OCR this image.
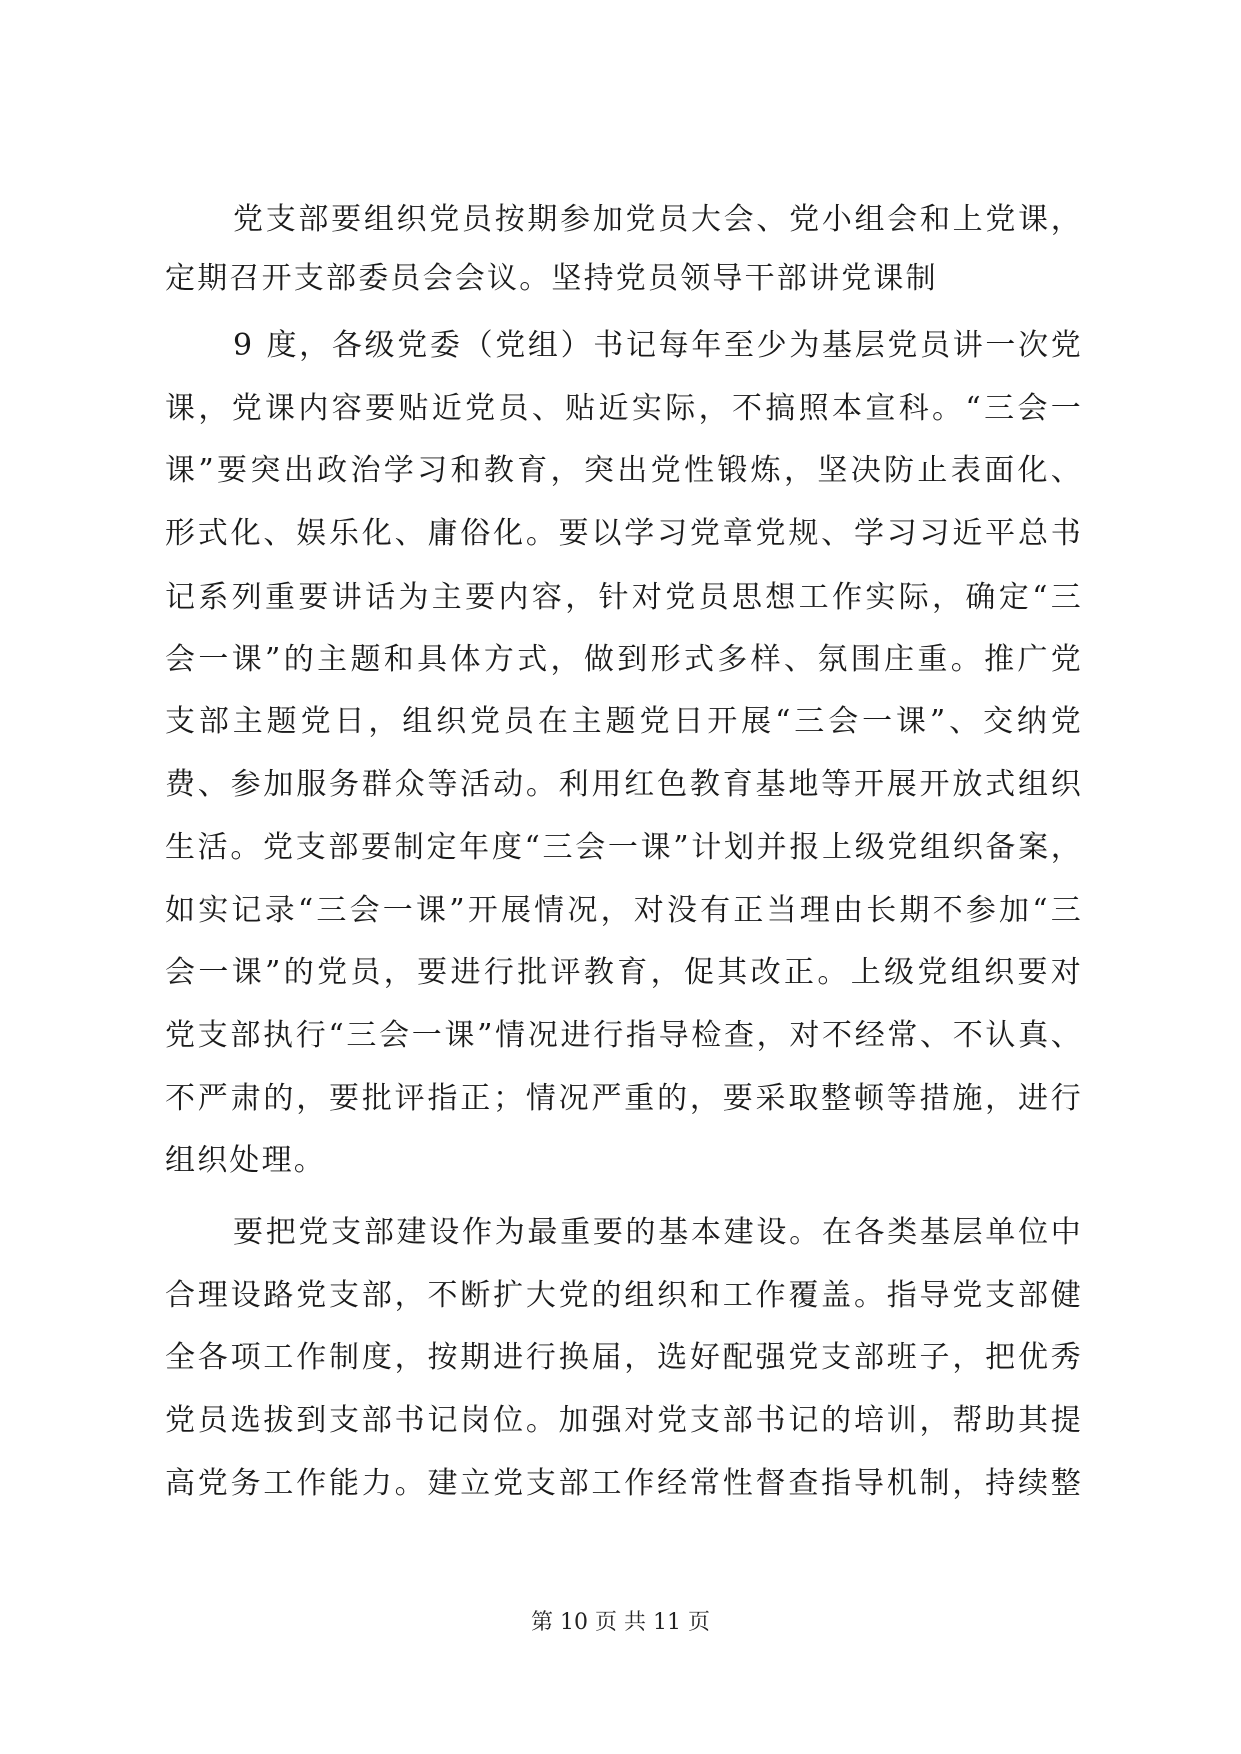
党支部要组织党员按期参加党员大会、党小组会和上党课，
定期召开支部委员会会议。坚持党员领导干部讲党课制
9 度，各级党委（党组）书记每年至少为基层党员讲一次党
课，党课内容要贴近党员、贴近实际，不搞照本宣科。“三会一
课”要突出政治学习和教育，突出党性锻炼，坚决防止表面化、
形式化、娱乐化、庸俗化。要以学习党章党规、学习习近平总书
记系列重要讲话为主要内容，针对党员思想工作实际，确定“三
会一课”的主题和具体方式，做到形式多样、氛围庄重。推广党
支部主题党日，组织党员在主题党日开展“三会一课”、交纳党
费、参加服务群众等活动。利用红色教育基地等开展开放式组织
生活。党支部要制定年度“三会一课”计划并报上级党组织备案，
如实记录“三会一课”开展情况，对没有正当理由长期不参加“三
会一课”的党员，要进行批评教育，促其改正。上级党组织要对
党支部执行“三会一课”情况进行指导检查，对不经常、不认真、
不严肃的，要批评指正；情况严重的，要采取整顿等措施，进行
组织处理。
要把党支部建设作为最重要的基本建设。在各类基层单位中
合理设路党支部，不断扩大党的组织和工作覆盖。指导党支部健
全各项工作制度，按期进行换届，选好配强党支部班子，把优秀
党员选拔到支部书记岗位。加强对党支部书记的培训，帮助其提
高党务工作能力。建立党支部工作经常性督查指导机制，持续整
第 10 页 共 11 页
